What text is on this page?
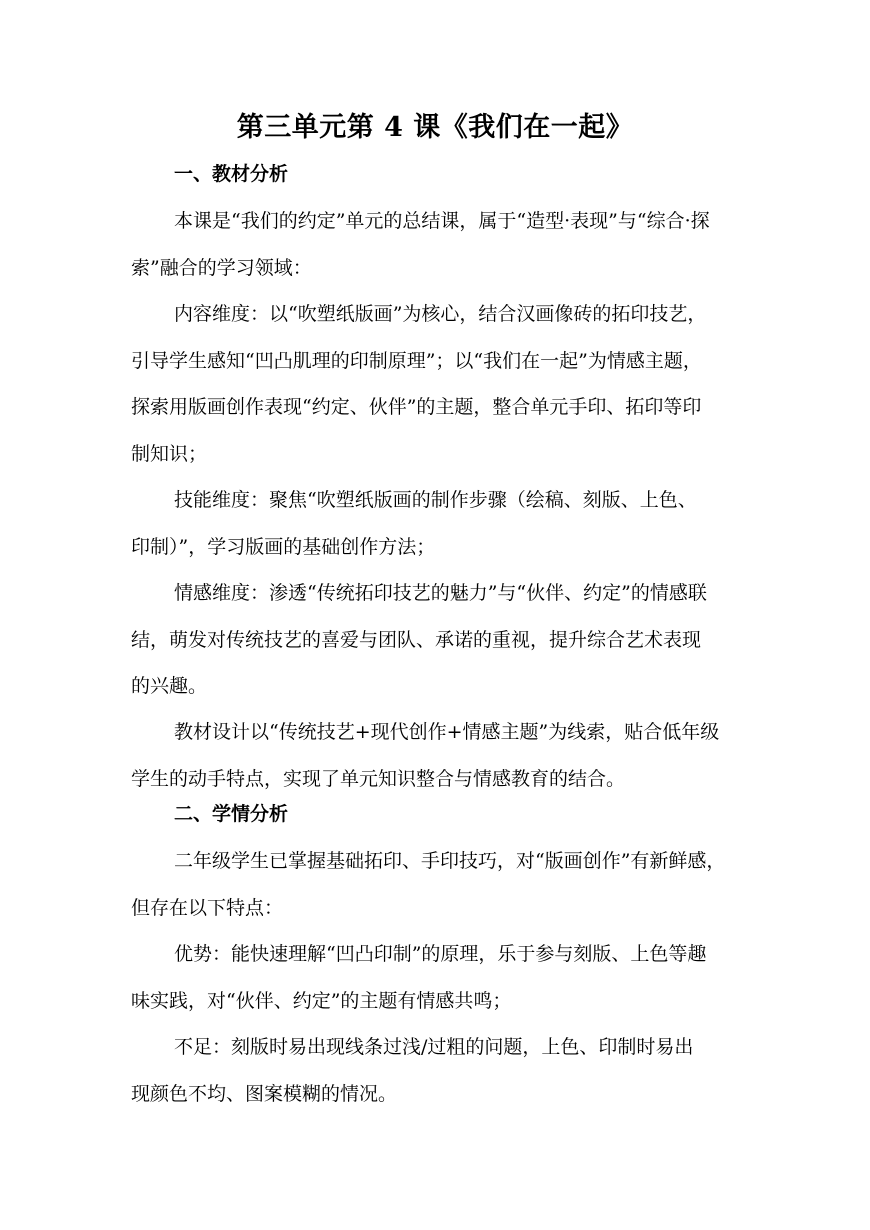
第三单元第 4 课《我们在一起》
一、教材分析
本课是“我们的约定”单元的总结课，属于“造型·表现”与“综合·探
索”融合的学习领域：
内容维度：以“吹塑纸版画”为核心，结合汉画像砖的拓印技艺，
引导学生感知“凹凸肌理的印制原理”；以“我们在一起”为情感主题，
探索用版画创作表现“约定、伙伴”的主题，整合单元手印、拓印等印
制知识；
技能维度：聚焦“吹塑纸版画的制作步骤（绘稿、刻版、上色、
印制）”，学习版画的基础创作方法；
情感维度：渗透“传统拓印技艺的魅力”与“伙伴、约定”的情感联
结，萌发对传统技艺的喜爱与团队、承诺的重视，提升综合艺术表现
的兴趣。
教材设计以“传统技艺+现代创作+情感主题”为线索，贴合低年级
学生的动手特点，实现了单元知识整合与情感教育的结合。
二、学情分析
二年级学生已掌握基础拓印、手印技巧，对“版画创作”有新鲜感，
但存在以下特点：
优势：能快速理解“凹凸印制”的原理，乐于参与刻版、上色等趣
味实践，对“伙伴、约定”的主题有情感共鸣；
不足：刻版时易出现线条过浅/过粗的问题，上色、印制时易出
现颜色不均、图案模糊的情况。
